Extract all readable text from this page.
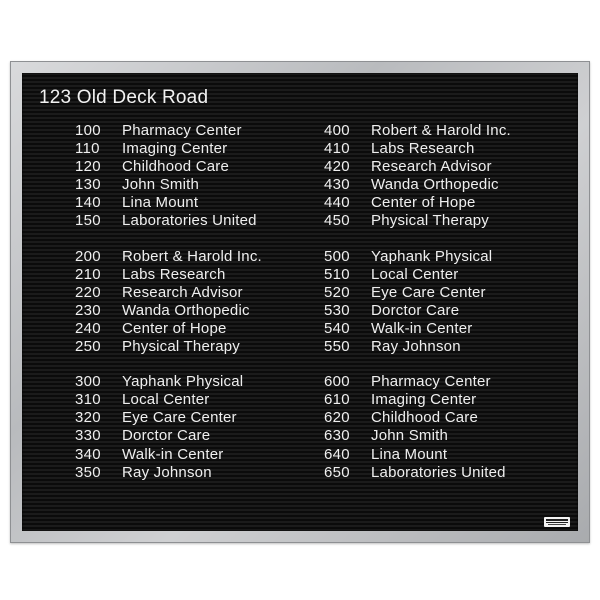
123 Old Deck Road
100	Pharmacy Center
110	Imaging Center
120	Childhood Care
130	John Smith
140	Lina Mount
150	Laboratories United
200	Robert & Harold Inc.
210	Labs Research
220	Research Advisor
230	Wanda Orthopedic
240	Center of Hope
250	Physical Therapy
300	Yaphank Physical
310	Local Center
320	Eye Care Center
330	Dorctor Care
340	Walk-in Center
350	Ray Johnson
400	Robert & Harold Inc.
410	Labs Research
420	Research Advisor
430	Wanda Orthopedic
440	Center of Hope
450	Physical Therapy
500	Yaphank Physical
510	Local Center
520	Eye Care Center
530	Dorctor Care
540	Walk-in Center
550	Ray Johnson
600	Pharmacy Center
610	Imaging Center
620	Childhood Care
630	John Smith
640	Lina Mount
650	Laboratories United
